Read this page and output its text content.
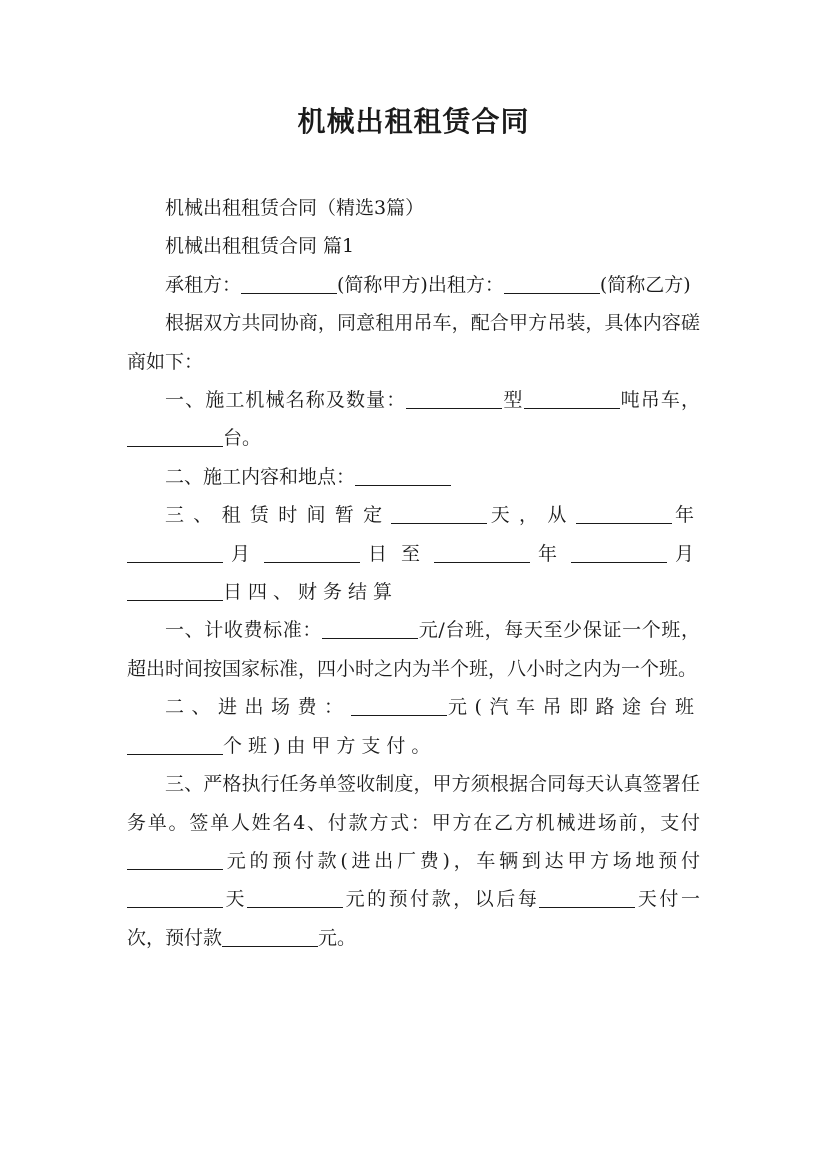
机械出租租赁合同

机械出租租赁合同（精选3篇）

机械出租租赁合同 篇1

承租方：	(简称甲方)出租方：	(简称乙方)

根据双方共同协商，同意租用吊车，配合甲方吊装，具体内容磋商如下：

一、施工机械名称及数量：	型	吨吊车，台。

二、施工内容和地点：

三、租赁时间暂定	天，从	年月	日至	年	月日四、财务结算

一、计收费标准：	元/台班，每天至少保证一个班，超出时间按国家标准，四小时之内为半个班，八小时之内为一个班。

二、进出场费：	元(汽车吊即路途台班个班)由甲方支付。

三、严格执行任务单签收制度，甲方须根据合同每天认真签署任务单。签单人姓名4、付款方式：甲方在乙方机械进场前，支付元的预付款(进出厂费)，车辆到达甲方场地预付天	元的预付款，以后每	天付一次，预付款	元。
